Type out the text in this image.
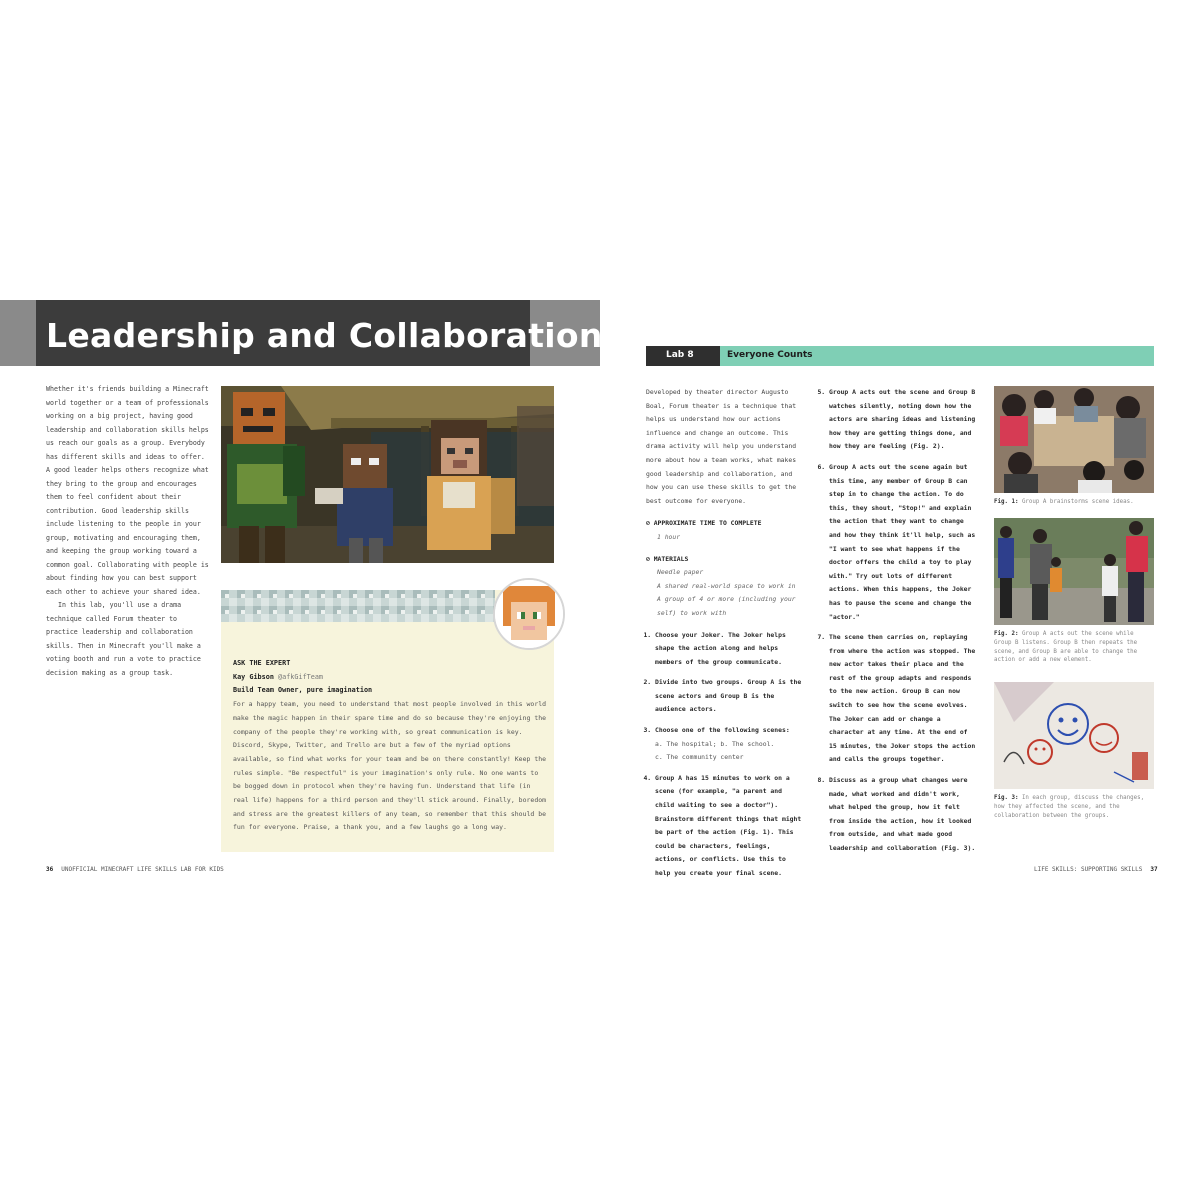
Leadership and Collaboration

Whether it's friends building a Minecraft world together or a team of professionals working on a big project, having good leadership and collaboration skills helps us reach our goals as a group. Everybody has different skills and ideas to offer. A good leader helps others recognize what they bring to the group and encourages them to feel confident about their contribution. Good leadership skills include listening to the people in your group, motivating and encouraging them, and keeping the group working toward a common goal. Collaborating with people is about finding how you can best support each other to achieve your shared idea.

In this lab, you'll use a drama technique called Forum theater to practice leadership and collaboration skills. Then in Minecraft you'll make a voting booth and run a vote to practice decision making as a group task.

ASK THE EXPERT
Kay Gibson @afkGifTeam
Build Team Owner, pure imagination
For a happy team, you need to understand that most people involved in this world make the magic happen in their spare time and do so because they're enjoying the company of the people they're working with, so great communication is key. Discord, Skype, Twitter, and Trello are but a few of the myriad options available, so find what works for your team and be on there constantly! Keep the rules simple. "Be respectful" is your imagination's only rule. No one wants to be bogged down in protocol when they're having fun. Understand that life (in real life) happens for a third person and they'll stick around. Finally, boredom and stress are the greatest killers of any team, so remember that this should be fun for everyone. Praise, a thank you, and a few laughs go a long way.
36 UNOFFICIAL MINECRAFT LIFE SKILLS LAB FOR KIDS
Lab 8	Everyone Counts

Developed by theater director Augusto Boal, Forum theater is a technique that helps us understand how our actions influence and change an outcome. This drama activity will help you understand more about how a team works, what makes good leadership and collaboration, and how you can use these skills to get the best outcome for everyone.

⊘ APPROXIMATE TIME TO COMPLETE
1 hour
⊘ MATERIALS
Needle paper
A shared real-world space to work in
A group of 4 or more (including your self) to work with
1. Choose your Joker. The Joker helps shape the action along and helps members of the group communicate.
2. Divide into two groups. Group A is the scene actors and Group B is the audience actors.
3. Choose one of the following scenes:
a. The hospital; b. The school.
c. The community center
4. Group A has 15 minutes to work on a scene (for example, "a parent and child waiting to see a doctor"). Brainstorm different things that might be part of the action (Fig. 1). This could be characters, feelings, actions, or conflicts. Use this to help you create your final scene.
5. Group A acts out the scene and Group B watches silently, noting down how the actors are sharing ideas and listening how they are getting things done, and how they are feeling (Fig. 2).
6. Group A acts out the scene again but this time, any member of Group B can step in to change the action. To do this, they shout, "Stop!" and explain the action that they want to change and how they think it'll help, such as "I want to see what happens if the doctor offers the child a toy to play with." Try out lots of different actions. When this happens, the Joker has to pause the scene and change the "actor."
7. The scene then carries on, replaying from where the action was stopped. The new actor takes their place and the rest of the group adapts and responds to the new action. Group B can now switch to see how the scene evolves. The Joker can add or change a character at any time. At the end of 15 minutes, the Joker stops the action and calls the groups together.
8. Discuss as a group what changes were made, what worked and didn't work, what helped the group, how it felt from inside the action, how it looked from outside, and what made good leadership and collaboration (Fig. 3).
Fig. 1: Group A brainstorms scene ideas.
Fig. 2: Group A acts out the scene while Group B listens. Group B then repeats the scene, and Group B are able to change the action or add a new element.
Fig. 3: In each group, discuss the changes, how they affected the scene, and the collaboration between the groups.
LIFE SKILLS: SUPPORTING SKILLS 37
